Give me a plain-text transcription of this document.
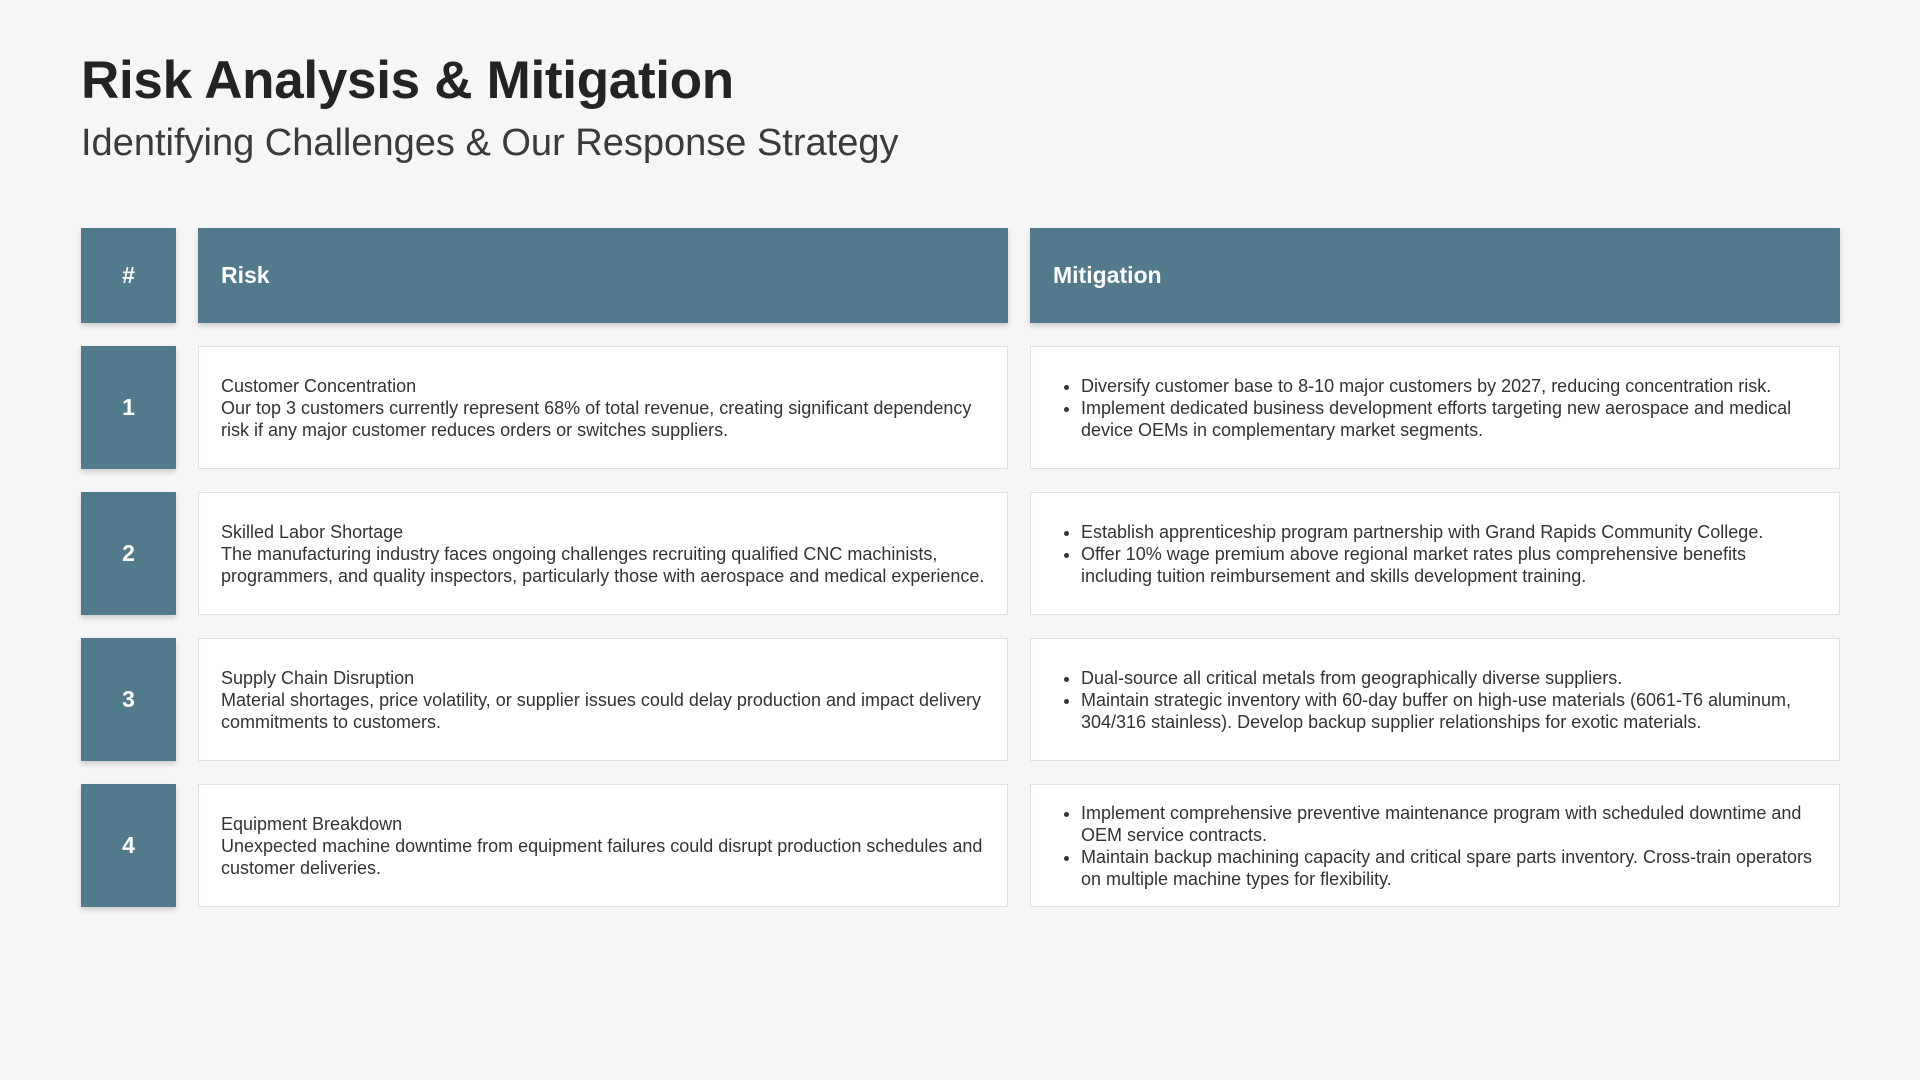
Risk Analysis & Mitigation
Identifying Challenges & Our Response Strategy
#	Risk	Mitigation
1
Customer Concentration
Our top 3 customers currently represent 68% of total revenue, creating significant dependency risk if any major customer reduces orders or switches suppliers.
• Diversify customer base to 8-10 major customers by 2027, reducing concentration risk.
• Implement dedicated business development efforts targeting new aerospace and medical device OEMs in complementary market segments.
2
Skilled Labor Shortage
The manufacturing industry faces ongoing challenges recruiting qualified CNC machinists, programmers, and quality inspectors, particularly those with aerospace and medical experience.
• Establish apprenticeship program partnership with Grand Rapids Community College.
• Offer 10% wage premium above regional market rates plus comprehensive benefits including tuition reimbursement and skills development training.
3
Supply Chain Disruption
Material shortages, price volatility, or supplier issues could delay production and impact delivery commitments to customers.
• Dual-source all critical metals from geographically diverse suppliers.
• Maintain strategic inventory with 60-day buffer on high-use materials (6061-T6 aluminum, 304/316 stainless). Develop backup supplier relationships for exotic materials.
4
Equipment Breakdown
Unexpected machine downtime from equipment failures could disrupt production schedules and customer deliveries.
• Implement comprehensive preventive maintenance program with scheduled downtime and OEM service contracts.
• Maintain backup machining capacity and critical spare parts inventory. Cross-train operators on multiple machine types for flexibility.
